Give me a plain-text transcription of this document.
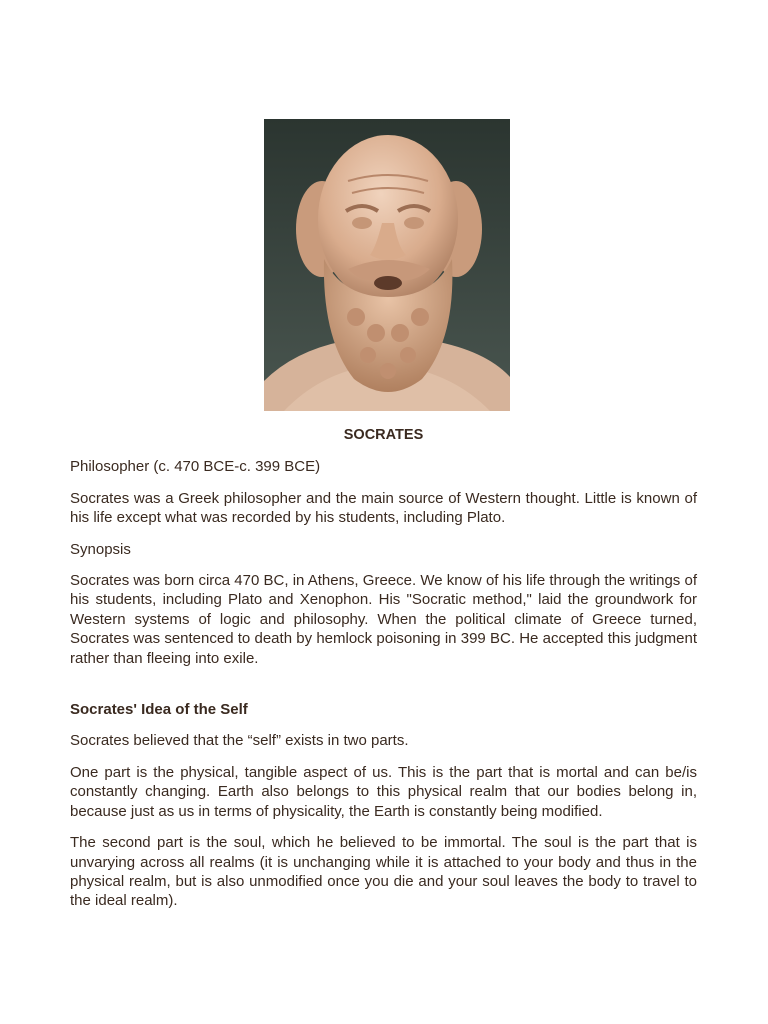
SOCRATES

Philosopher (c. 470 BCE-c. 399 BCE)

Socrates was a Greek philosopher and the main source of Western thought. Little is known of his life except what was recorded by his students, including Plato.

Synopsis

Socrates was born circa 470 BC, in Athens, Greece. We know of his life through the writings of his students, including Plato and Xenophon. His "Socratic method," laid the groundwork for Western systems of logic and philosophy. When the political climate of Greece turned, Socrates was sentenced to death by hemlock poisoning in 399 BC. He accepted this judgment rather than fleeing into exile.

Socrates' Idea of the Self

Socrates believed that the “self” exists in two parts.

One part is the physical, tangible aspect of us. This is the part that is mortal and can be/is constantly changing. Earth also belongs to this physical realm that our bodies belong in, because just as us in terms of physicality, the Earth is constantly being modified.

The second part is the soul, which he believed to be immortal. The soul is the part that is unvarying across all realms (it is unchanging while it is attached to your body and thus in the physical realm, but is also unmodified once you die and your soul leaves the body to travel to the ideal realm).
